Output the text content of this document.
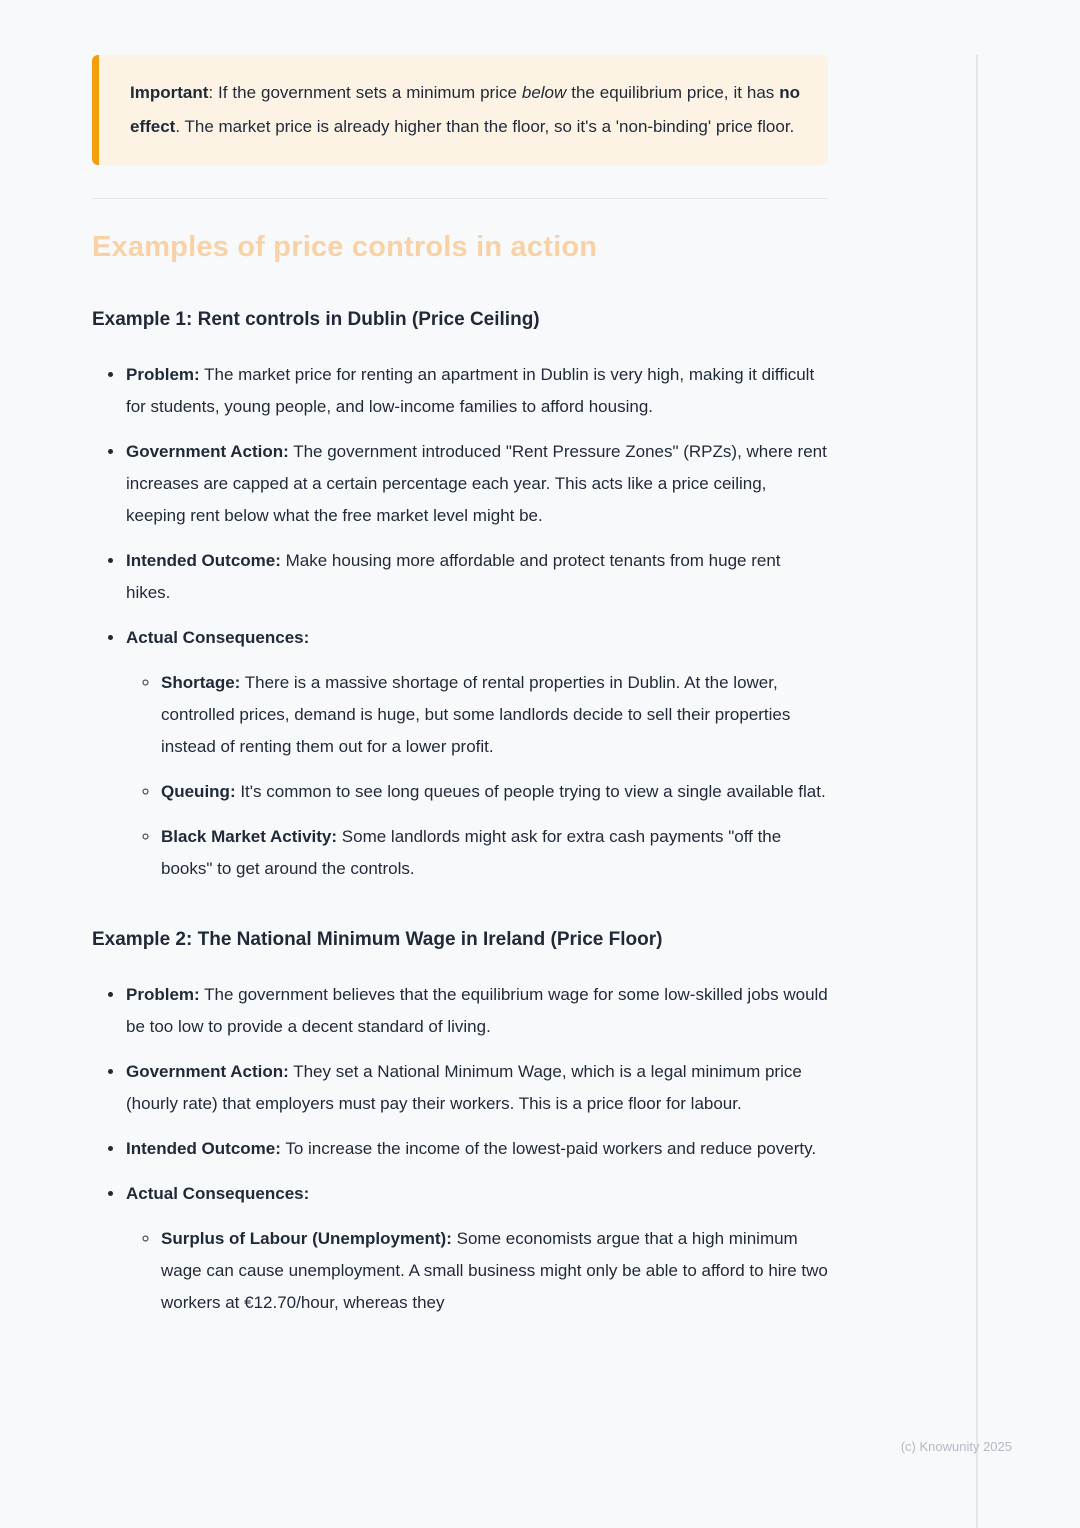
Important: If the government sets a minimum price below the equilibrium price, it has no effect. The market price is already higher than the floor, so it's a 'non-binding' price floor.

Examples of price controls in action
Example 1: Rent controls in Dublin (Price Ceiling)
• Problem: The market price for renting an apartment in Dublin is very high, making it difficult for students, young people, and low-income families to afford housing.
• Government Action: The government introduced "Rent Pressure Zones" (RPZs), where rent increases are capped at a certain percentage each year. This acts like a price ceiling, keeping rent below what the free market level might be.
• Intended Outcome: Make housing more affordable and protect tenants from huge rent hikes.
• Actual Consequences:
◦ Shortage: There is a massive shortage of rental properties in Dublin. At the lower, controlled prices, demand is huge, but some landlords decide to sell their properties instead of renting them out for a lower profit.
◦ Queuing: It's common to see long queues of people trying to view a single available flat.
◦ Black Market Activity: Some landlords might ask for extra cash payments "off the books" to get around the controls.
Example 2: The National Minimum Wage in Ireland (Price Floor)
• Problem: The government believes that the equilibrium wage for some low-skilled jobs would be too low to provide a decent standard of living.
• Government Action: They set a National Minimum Wage, which is a legal minimum price (hourly rate) that employers must pay their workers. This is a price floor for labour.
• Intended Outcome: To increase the income of the lowest-paid workers and reduce poverty.
• Actual Consequences:
◦ Surplus of Labour (Unemployment): Some economists argue that a high minimum wage can cause unemployment. A small business might only be able to afford to hire two workers at €12.70/hour, whereas they
(c) Knowunity 2025
